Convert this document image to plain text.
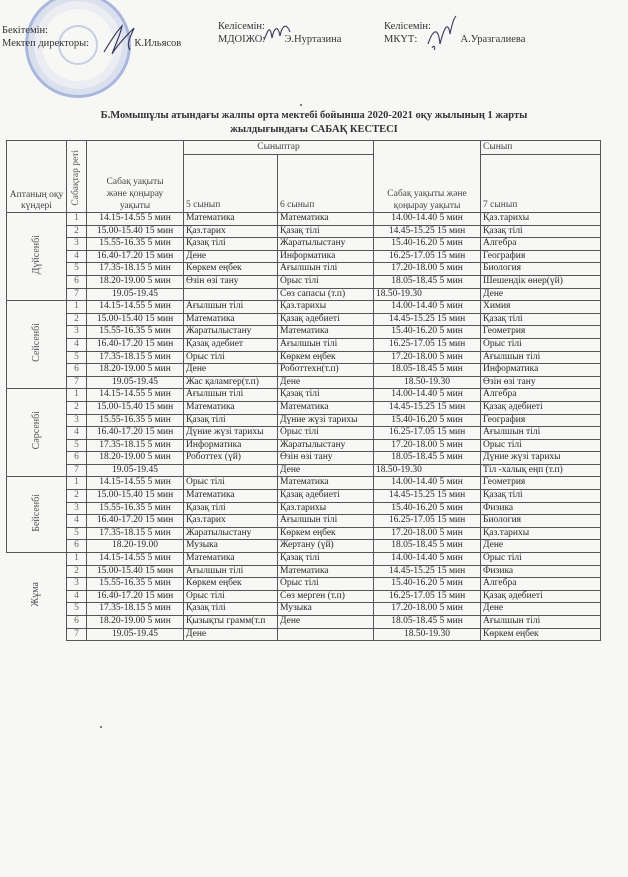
Бекітемін:
Мектеп директоры:	К.Ильясов
Келісемін:
МДОІЖО: Э.Нуртазина
Келісемін:
МКҮТ:	А.Уразгалиева
Б.Момышұлы атындағы жалпы орта мектебі бойынша 2020-2021 оқу жылының 1 жарты
жылдығындағы САБАҚ КЕСТЕСІ
Аптаның оқу күндері	Сабақтар реті	Сабақ уақыты және қоңырау уақыты	Сыныптар		Сабақ уақыты және қоңырау уақыты	Сынып
			5 сынып	6 сынып		7 сынып
Дүйсенбі	1	14.15-14.55 5 мин	Математика	Математика	14.00-14.40 5 мин	Қаз.тарихы
	2	15.00-15.40 15 мин	Қаз.тарих	Қазақ тілі	14.45-15.25 15 мин	Қазақ тілі
	3	15.55-16.35 5 мин	Қазақ тілі	Жаратылыстану	15.40-16.20 5 мин	Алгебра
	4	16.40-17.20 15 мин	Дене	Информатика	16.25-17.05 15 мин	География
	5	17.35-18.15 5 мин	Көркем еңбек	Ағылшын тілі	17.20-18.00 5 мин	Биология
	6	18.20-19.00 5 мин	Өзін өзі тану	Орыс тілі	18.05-18.45 5 мин	Шешендік өнер(үй)
	7	19.05-19.45		Сөз сапасы (т.п)	18.50-19.30	Дене
Сейсенбі	1	14.15-14.55 5 мин	Ағылшын тілі	Қаз.тарихы	14.00-14.40 5 мин	Химия
	2	15.00-15.40 15 мин	Математика	Қазақ әдебиеті	14.45-15.25 15 мин	Қазақ тілі
	3	15.55-16.35 5 мин	Жаратылыстану	Математика	15.40-16.20 5 мин	Геометрия
	4	16.40-17.20 15 мин	Қазақ әдебиет	Ағылшын тілі	16.25-17.05 15 мин	Орыс тілі
	5	17.35-18.15 5 мин	Орыс тілі	Көркем еңбек	17.20-18.00 5 мин	Ағылшын тілі
	6	18.20-19.00 5 мин	Дене	Роботтехн(т.п)	18.05-18.45 5 мин	Информатика
	7	19.05-19.45	Жас қаламгер(т.п)	Дене	18.50-19.30	Өзін өзі тану
Сәрсенбі	1	14.15-14.55 5 мин	Ағылшын тілі	Қазақ тілі	14.00-14.40 5 мин	Алгебра
	2	15.00-15.40 15 мин	Математика	Математика	14.45-15.25 15 мин	Қазақ әдебиеті
	3	15.55-16.35 5 мин	Қазақ тілі	Дүние жүзі тарихы	15.40-16.20 5 мин	География
	4	16.40-17.20 15 мин	Дүние жүзі тарихы	Орыс тілі	16.25-17.05 15 мин	Ағылшын тілі
	5	17.35-18.15 5 мин	Информатика	Жаратылыстану	17.20-18.00 5 мин	Орыс тілі
	6	18.20-19.00 5 мин	Роботтех (үй)	Өзін өзі тану	18.05-18.45 5 мин	Дүние жүзі тарихы
	7	19.05-19.45		Дене	18.50-19.30	Тіл -халық еңп (т.п)
Бейсенбі	1	14.15-14.55 5 мин	Орыс тілі	Математика	14.00-14.40 5 мин	Геометрия
	2	15.00-15.40 15 мин	Математика	Қазақ әдебиеті	14.45-15.25 15 мин	Қазақ тілі
	3	15.55-16.35 5 мин	Қазақ тілі	Қаз.тарихы	15.40-16.20 5 мин	Физика
	4	16.40-17.20 15 мин	Қаз.тарих	Ағылшын тілі	16.25-17.05 15 мин	Биология
	5	17.35-18.15 5 мин	Жаратылыстану	Көркем еңбек	17.20-18.00 5 мин	Қаз.тарихы
	6	18.20-19.00	Музыка	Жертану (үй)	18.05-18.45 5 мин	Дене
Жұма	1	14.15-14.55 5 мин	Математика	Қазақ тілі	14.00-14.40 5 мин	Орыс тілі
	2	15.00-15.40 15 мин	Ағылшын тілі	Математика	14.45-15.25 15 мин	Физика
	3	15.55-16.35 5 мин	Көркем еңбек	Орыс тілі	15.40-16.20 5 мин	Алгебра
	4	16.40-17.20 15 мин	Орыс тілі	Сөз мерген (т.п)	16.25-17.05 15 мин	Қазақ әдебиеті
	5	17.35-18.15 5 мин	Қазақ тілі	Музыка	17.20-18.00 5 мин	Дене
	6	18.20-19.00 5 мин	Қызықты грамм(т.п	Дене	18.05-18.45 5 мин	Ағылшын тілі
	7	19.05-19.45	Дене		18.50-19.30	Көркем еңбек
